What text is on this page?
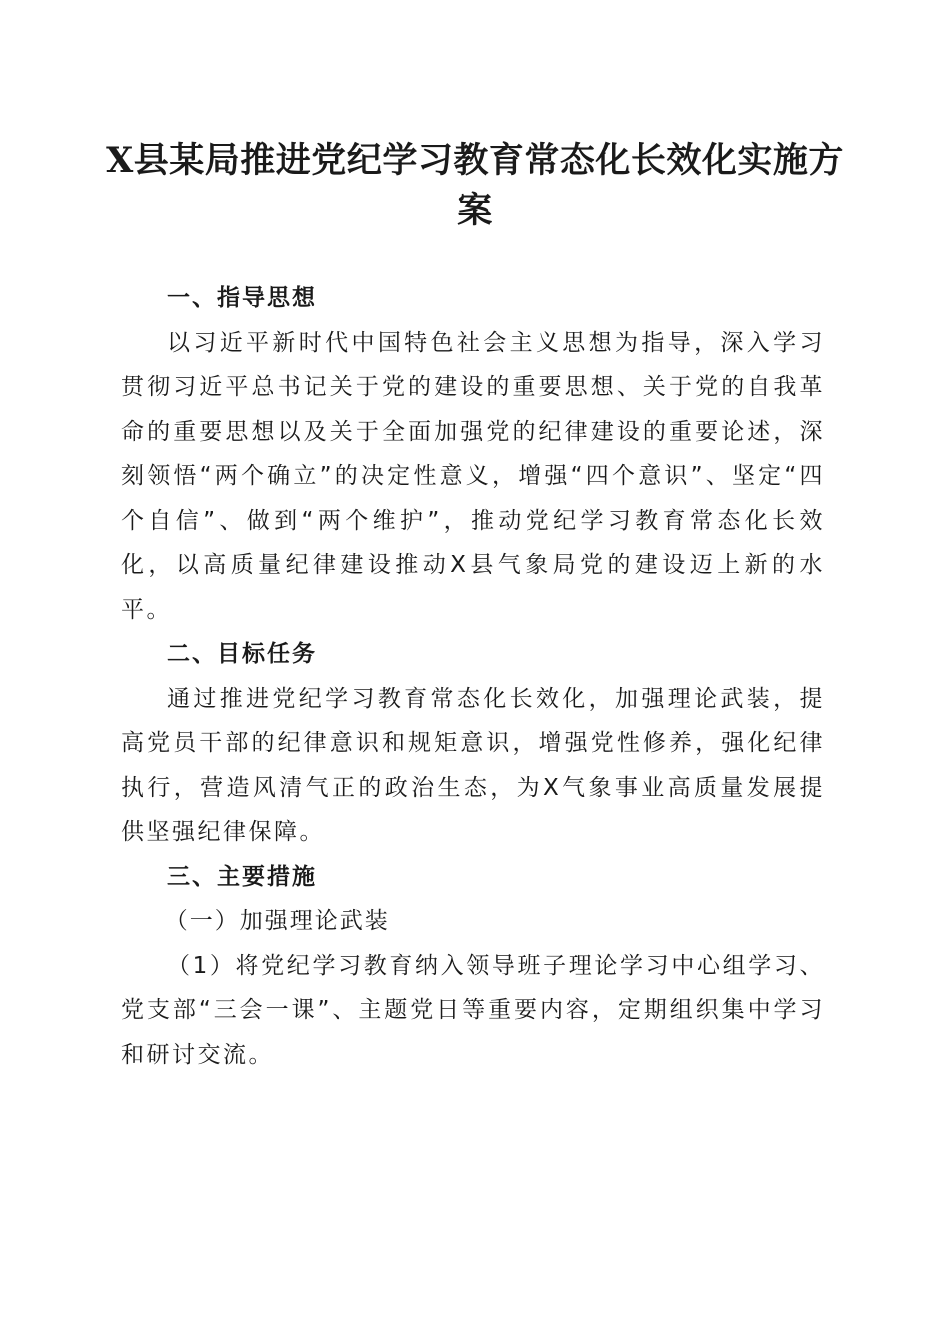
X县某局推进党纪学习教育常态化长效化实施方案
一、指导思想

以习近平新时代中国特色社会主义思想为指导，深入学习贯彻习近平总书记关于党的建设的重要思想、关于党的自我革命的重要思想以及关于全面加强党的纪律建设的重要论述，深刻领悟“两个确立”的决定性意义，增强“四个意识”、坚定“四个自信”、做到“两个维护”，推动党纪学习教育常态化长效化，以高质量纪律建设推动X县气象局党的建设迈上新的水平。

二、目标任务

通过推进党纪学习教育常态化长效化，加强理论武装，提高党员干部的纪律意识和规矩意识，增强党性修养，强化纪律执行，营造风清气正的政治生态，为X气象事业高质量发展提供坚强纪律保障。

三、主要措施
（一）加强理论武装

（1）将党纪学习教育纳入领导班子理论学习中心组学习、党支部“三会一课”、主题党日等重要内容，定期组织集中学习和研讨交流。
